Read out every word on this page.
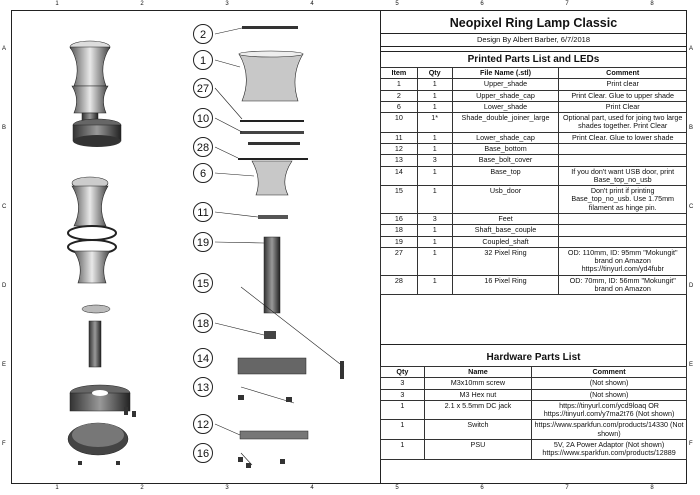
1	2	3	4	5	6	7	8
1	2	3	4	5	6	7	8
A
B
C
D
E
F
A
B
C
D
E
F
2
1
27
10
28
6
11
19
15
18
14
13
12
16
Neopixel Ring Lamp Classic
Design By Albert Barber, 6/7/2018
Printed Parts List and LEDs
Item	Qty	File Name (.stl)	Comment
1	1	Upper_shade	Print clear
2	1	Upper_shade_cap	Print Clear. Glue to upper shade
6	1	Lower_shade	Print Clear
10	1*	Shade_double_joiner_large	Optional part, used for joing two large shades together. Print Clear
11	1	Lower_shade_cap	Print Clear. Glue to lower shade
12	1	Base_bottom	
13	3	Base_bolt_cover	
14	1	Base_top	If you don't want USB door, print Base_top_no_usb
15	1	Usb_door	Don't print if printing Base_top_no_usb. Use 1.75mm filament as hinge pin.
16	3	Feet	
18	1	Shaft_base_couple	
19	1	Coupled_shaft	
27	1	32 Pixel Ring	OD: 110mm, ID: 95mm "Mokungit" brand on Amazon https://tinyurl.com/yd4fubr
28	1	16 Pixel Ring	OD: 70mm, ID: 56mm "Mokungit" brand on Amazon
Hardware Parts List
Qty	Name	Comment
3	M3x10mm screw	(Not shown)
3	M3 Hex nut	(Not shown)
1	2.1 x 5.5mm DC jack	https://tinyurl.com/ycd9loaq OR https://tinyurl.com/y7ma2t76 (Not shown)
1	Switch	https://www.sparkfun.com/products/14330 (Not shown)
1	PSU	5V, 2A Power Adaptor (Not shown) https://www.sparkfun.com/products/12889
